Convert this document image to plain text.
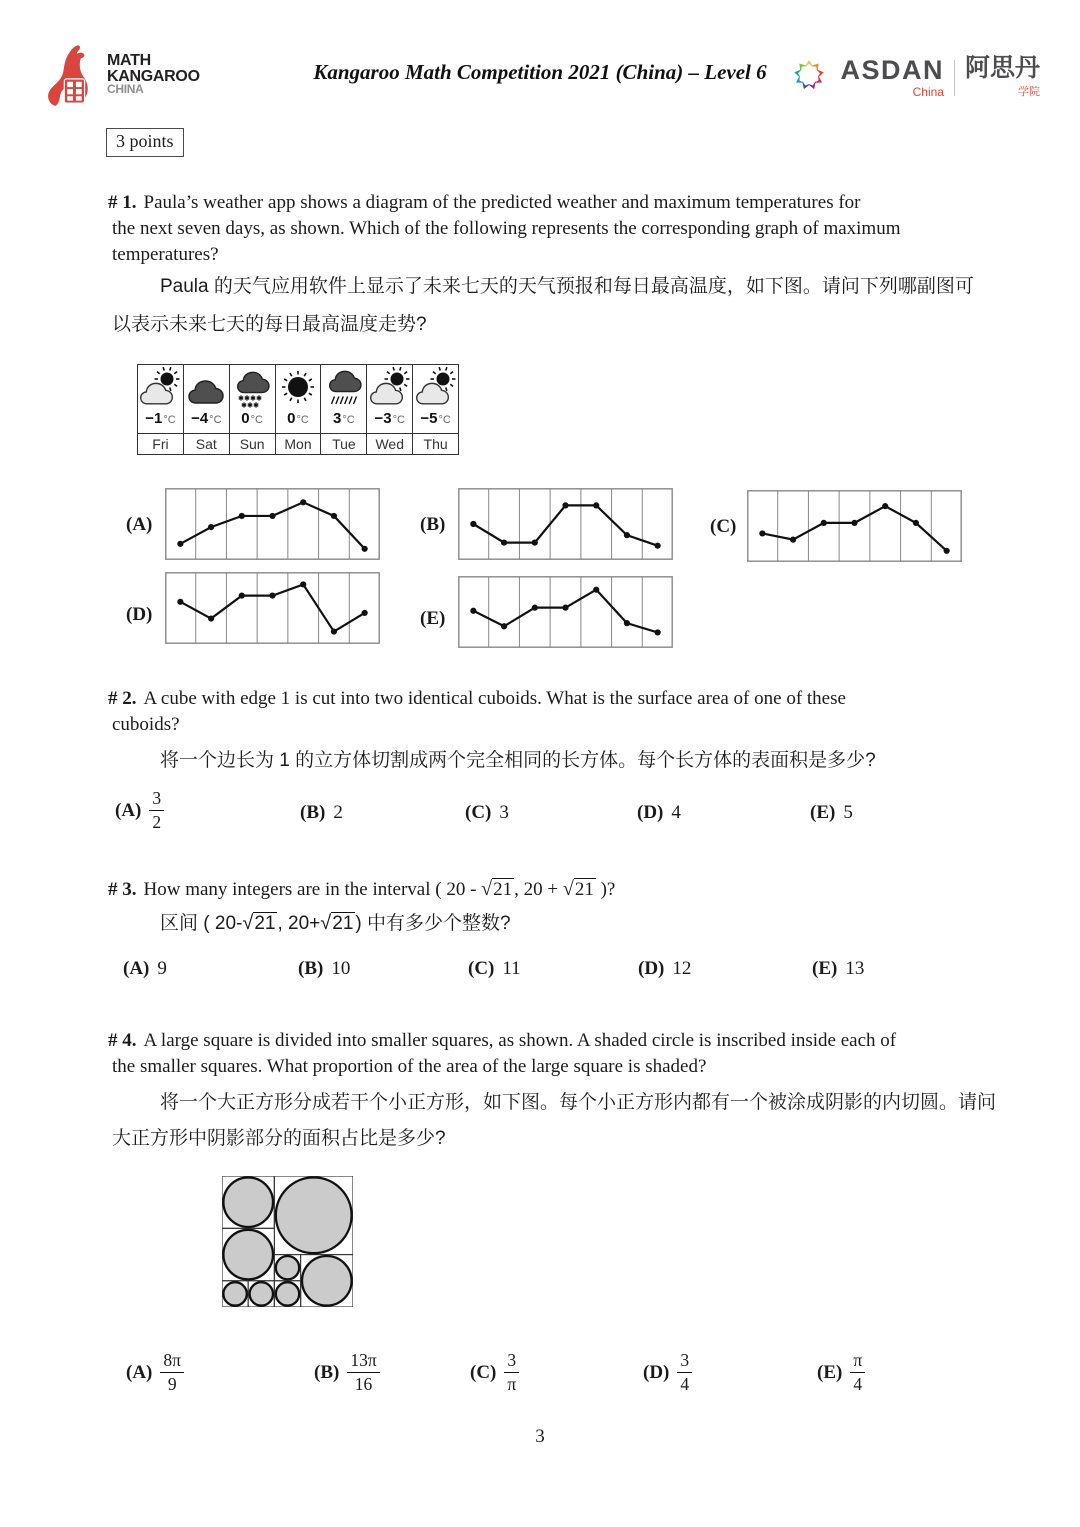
MATH
KANGAROO
CHINA
Kangaroo Math Competition 2021 (China) – Level 6	ASDAN
China
阿思丹
学院
3 points
# 1. Paula’s weather app shows a diagram of the predicted weather and maximum temperatures for
the next seven days, as shown. Which of the following represents the corresponding graph of maximum
temperatures?
Paula 的天气应用软件上显示了未来七天的天气预报和每日最高温度，如下图。请问下列哪副图可
以表示未来七天的每日最高温度走势?
−1 °C
Fri
−4 °C
Sat
0 °C
Sun
0 °C
Mon
3 °C
Tue
−3 °C
Wed
−5 °C
Thu
(A)	(B)	(C)
(D)	(E)
# 2. A cube with edge 1 is cut into two identical cuboids. What is the surface area of one of these
cuboids?
将一个边长为 1 的立方体切割成两个完全相同的长方体。每个长方体的表面积是多少?
$(A) \frac{3}{2}$	(B) 2	(C) 3	(D) 4	(E) 5
# 3. How many integers are in the interval ( 20 - √21 , 20 + √21 )?
区间 ( 20-√21 , 20+√21 ) 中有多少个整数?
(A) 9	(B) 10	(C) 11	(D) 12	(E) 13
# 4. A large square is divided into smaller squares, as shown. A shaded circle is inscribed inside each of
the smaller squares. What proportion of the area of the large square is shaded?
将一个大正方形分成若干个小正方形，如下图。每个小正方形内都有一个被涂成阴影的内切圆。请问
大正方形中阴影部分的面积占比是多少?
$(A) \frac{8\pi}{9}$	$(B) \frac{13\pi}{16}$	$(C) \frac{3}{\pi}$	$(D) \frac{3}{4}$	$(E) \frac{\pi}{4}$
3
